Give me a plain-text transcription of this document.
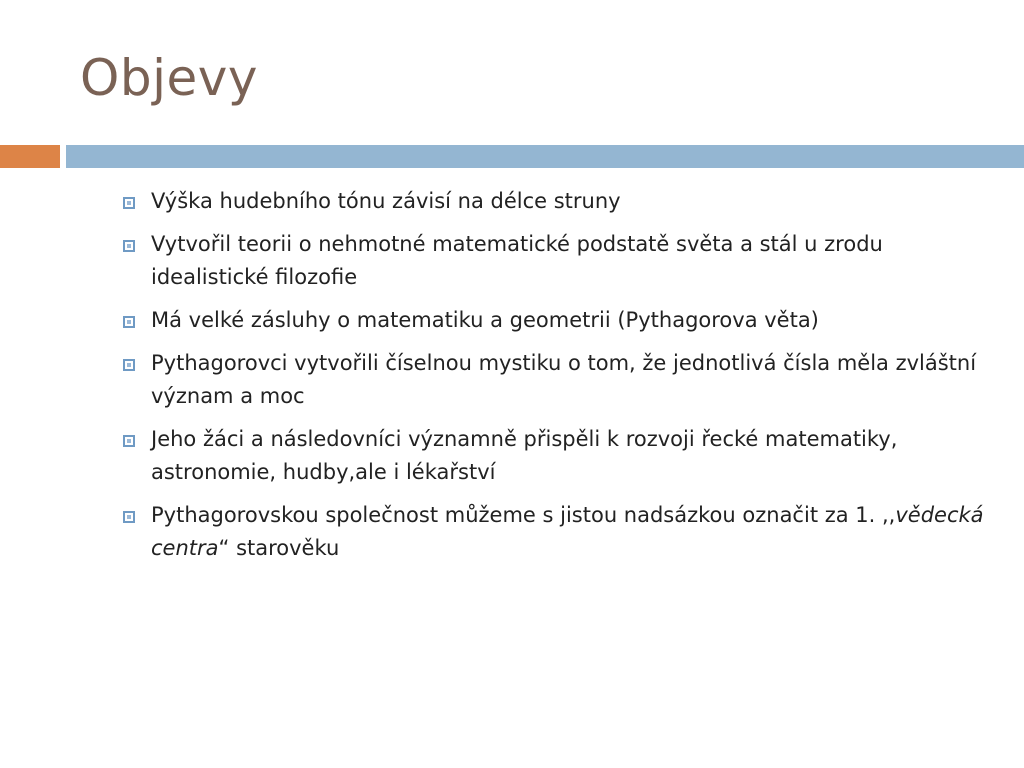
Objevy
Výška hudebního tónu závisí na délce struny
Vytvořil teorii o nehmotné matematické podstatě světa a stál u zrodu idealistické filozofie
Má velké zásluhy o matematiku a geometrii (Pythagorova věta)
Pythagorovci vytvořili číselnou mystiku o tom, že jednotlivá čísla měla zvláštní význam a moc
Jeho žáci a následovníci významně přispěli k rozvoji řecké matematiky, astronomie, hudby,ale i lékařství
Pythagorovskou společnost můžeme s jistou nadsázkou označit za 1. ,,vědecká centra“ starověku
